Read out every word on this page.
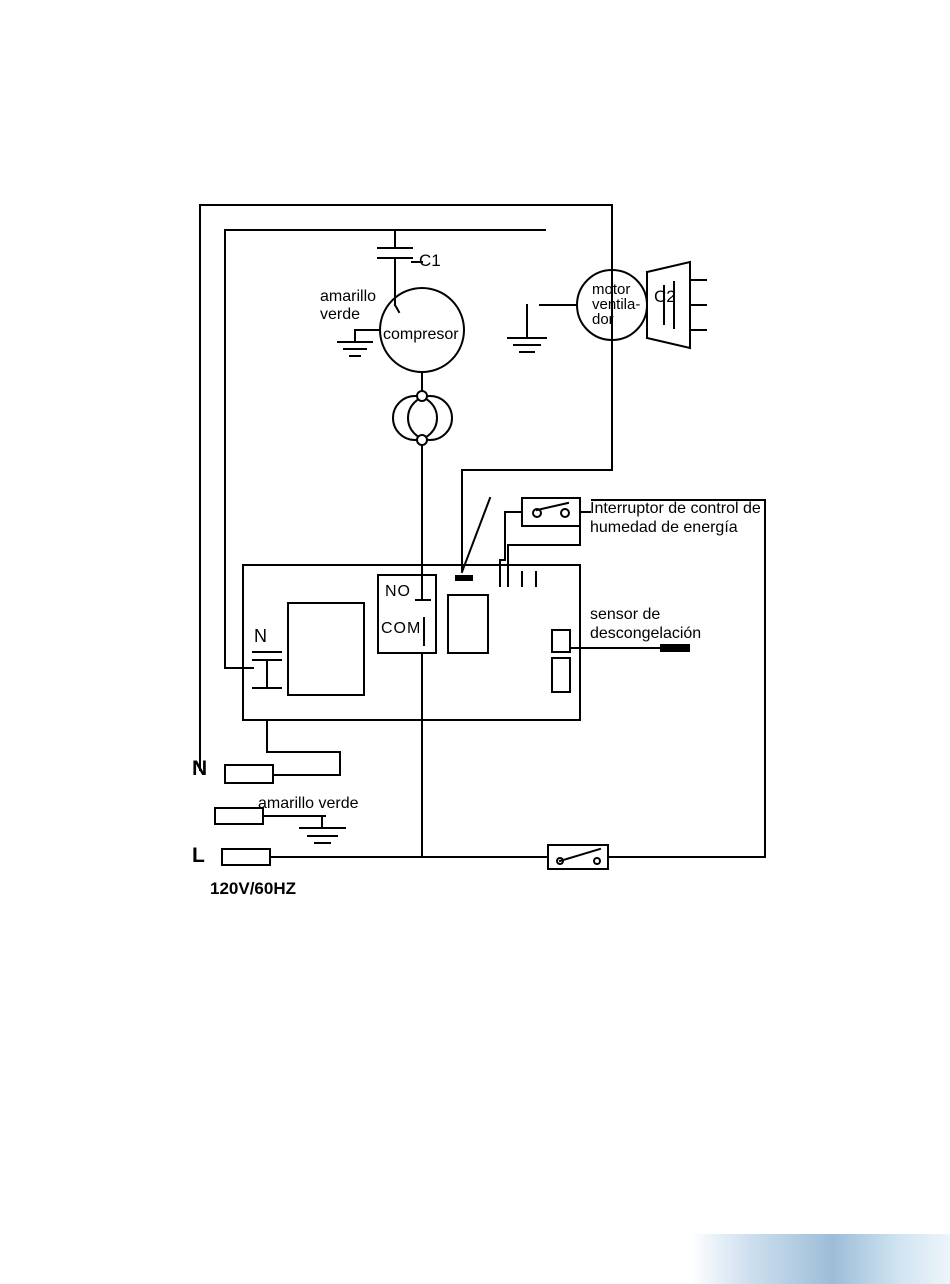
C1
amarillo
verde
compresor
motor
ventila-
dor
C2
Interruptor de control de
humedad de energía
sensor de
descongelación
NO
COM
N
N
amarillo verde
L
120V/60HZ
